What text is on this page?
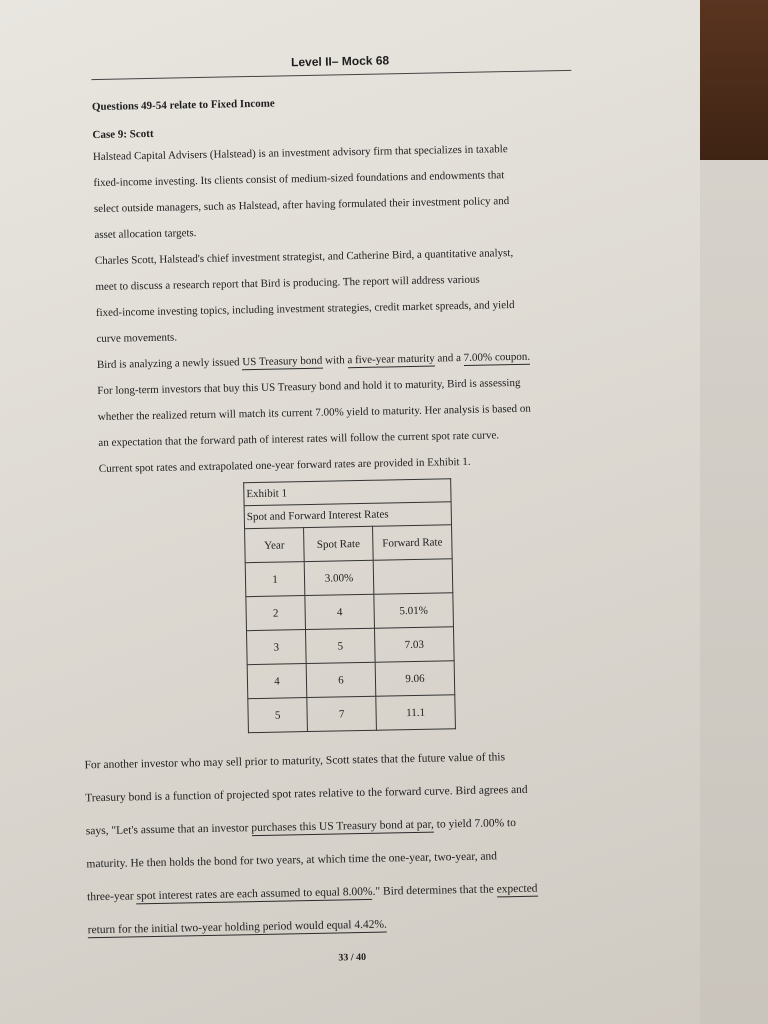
Level II– Mock 68
Questions 49-54 relate to Fixed Income
Case 9: Scott
Halstead Capital Advisers (Halstead) is an investment advisory firm that specializes in taxable
fixed-income investing. Its clients consist of medium-sized foundations and endowments that
select outside managers, such as Halstead, after having formulated their investment policy and
asset allocation targets.
Charles Scott, Halstead's chief investment strategist, and Catherine Bird, a quantitative analyst,
meet to discuss a research report that Bird is producing. The report will address various
fixed-income investing topics, including investment strategies, credit market spreads, and yield
curve movements.
Bird is analyzing a newly issued US Treasury bond with a five-year maturity and a 7.00% coupon.
For long-term investors that buy this US Treasury bond and hold it to maturity, Bird is assessing
whether the realized return will match its current 7.00% yield to maturity. Her analysis is based on
an expectation that the forward path of interest rates will follow the current spot rate curve.
Current spot rates and extrapolated one-year forward rates are provided in Exhibit 1.
Exhibit 1		
Spot and Forward Interest Rates		
Year	Spot Rate	Forward Rate
1	3.00%	
2	4	5.01%
3	5	7.03
4	6	9.06
5	7	11.1
For another investor who may sell prior to maturity, Scott states that the future value of this
Treasury bond is a function of projected spot rates relative to the forward curve. Bird agrees and
says, "Let's assume that an investor purchases this US Treasury bond at par, to yield 7.00% to
maturity. He then holds the bond for two years, at which time the one-year, two-year, and
three-year spot interest rates are each assumed to equal 8.00%." Bird determines that the expected
return for the initial two-year holding period would equal 4.42%.
33 / 40
